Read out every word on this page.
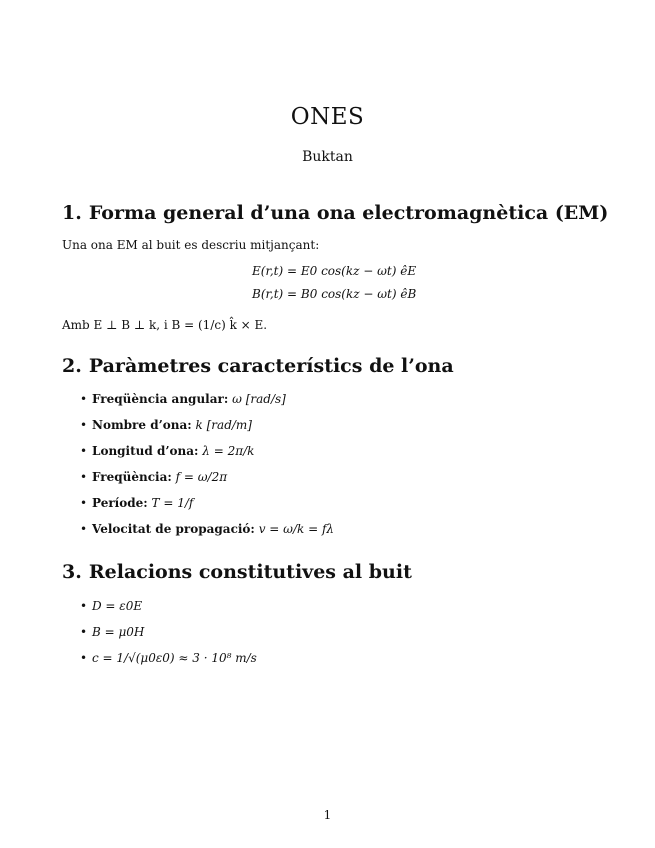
ONES
Buktan
1. Forma general d’una ona electromagnètica (EM)
Una ona EM al buit es descriu mitjançant:
E(r,t) = E0 cos(kz − ωt) êE
B(r,t) = B0 cos(kz − ωt) êB
Amb E ⊥ B ⊥ k, i B = (1/c) k̂ × E.
2. Paràmetres característics de l’ona
• Freqüència angular: ω [rad/s]
• Nombre d’ona: k [rad/m]
• Longitud d’ona: λ = 2π/k
• Freqüència: f = ω/2π
• Període: T = 1/f
• Velocitat de propagació: v = ω/k = fλ
3. Relacions constitutives al buit
• D = ε0E
• B = μ0H
• c = 1/√(μ0ε0) ≈ 3 · 10⁸ m/s
1
